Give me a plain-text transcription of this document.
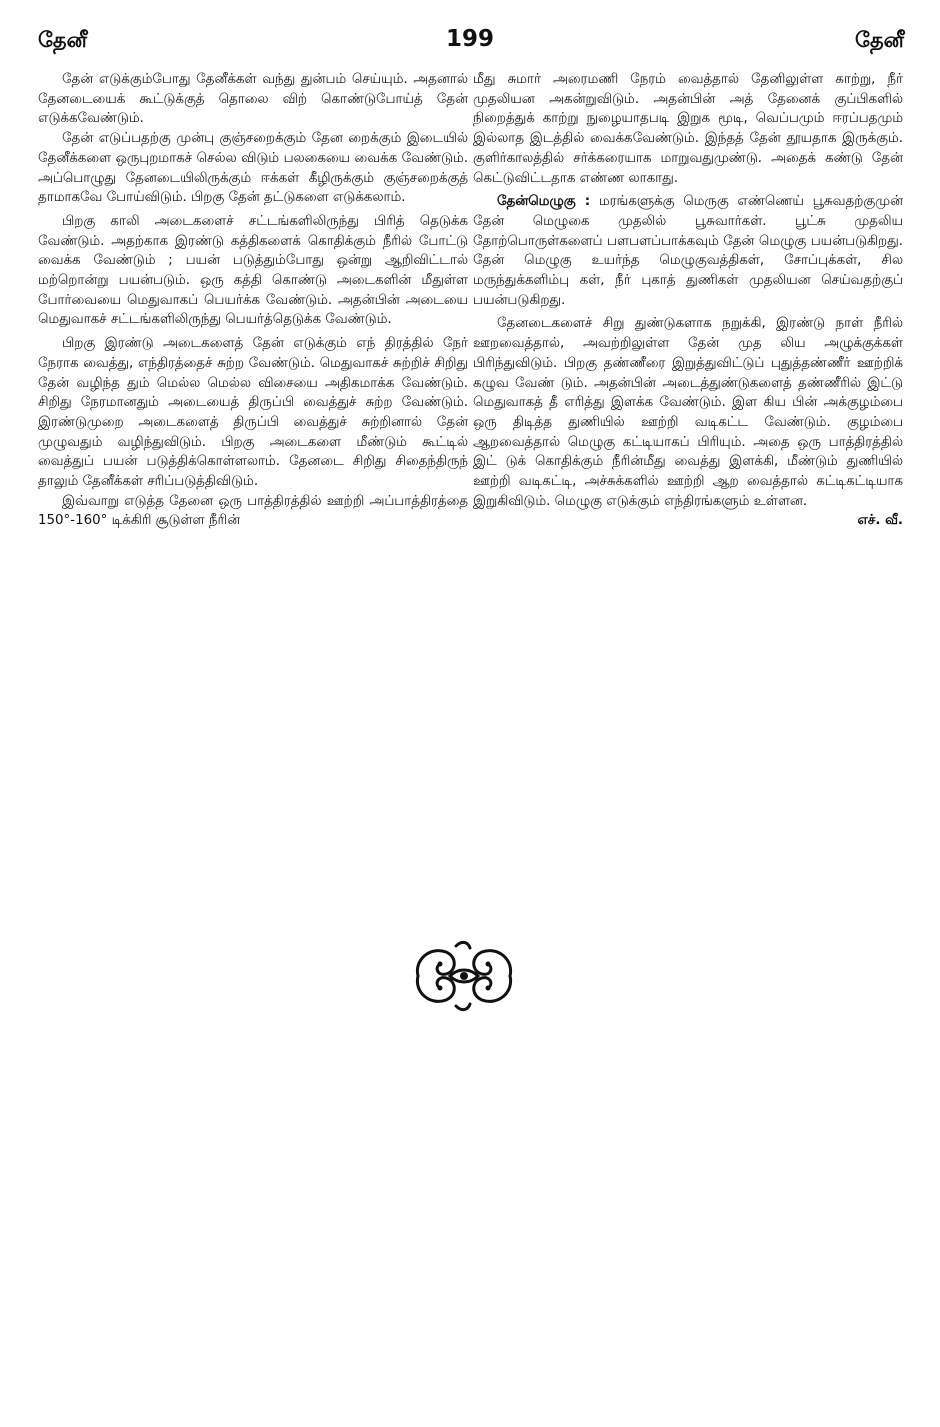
தேனீ	199	தேனீ

தேன் எடுக்கும்போது தேனீக்கள் வந்து துன்பம் செய்யும். அதனால் தேனடையைக் கூட்டுக்குத் தொலை விற் கொண்டுபோய்த் தேன் எடுக்கவேண்டும்.

தேன் எடுப்பதற்கு முன்பு குஞ்சறைக்கும் தேன றைக்கும் இடையில் தேனீக்களை ஒருபுறமாகச் செல்ல விடும் பலகையை வைக்க வேண்டும். அப்பொழுது தேனடையிலிருக்கும் ஈக்கள் கீழிருக்கும் குஞ்சறைக்குத் தாமாகவே போய்விடும். பிறகு தேன் தட்டுகளை எடுக்கலாம்.

பிறகு காலி அடைகளைச் சட்டங்களிலிருந்து பிரித் தெடுக்க வேண்டும். அதற்காக இரண்டு கத்திகளைக் கொதிக்கும் நீரில் போட்டு வைக்க வேண்டும் ; பயன் படுத்தும்போது ஒன்று ஆறிவிட்டால் மற்றொன்று பயன்படும். ஒரு கத்தி கொண்டு அடைகளின் மீதுள்ள போர்வையை மெதுவாகப் பெயர்க்க வேண்டும். அதன்பின் அடையை மெதுவாகச் சட்டங்களிலிருந்து பெயர்த்தெடுக்க வேண்டும்.

பிறகு இரண்டு அடைகளைத் தேன் எடுக்கும் எந் திரத்தில் நேர் நேராக வைத்து, எந்திரத்தைச் சுற்ற வேண்டும். மெதுவாகச் சுற்றிச் சிறிது தேன் வழிந்த தும் மெல்ல மெல்ல விசையை அதிகமாக்க வேண்டும். சிறிது நேரமானதும் அடையைத் திருப்பி வைத்துச் சுற்ற வேண்டும். இரண்டுமுறை அடைகளைத் திருப்பி வைத்துச் சுற்றினால் தேன் முழுவதும் வழிந்துவிடும். பிறகு அடைகளை மீண்டும் கூட்டில் வைத்துப் பயன் படுத்திக்கொள்ளலாம். தேனடை சிறிது சிதைந்திருந் தாலும் தேனீக்கள் சரிப்படுத்திவிடும்.

இவ்வாறு எடுத்த தேனை ஒரு பாத்திரத்தில் ஊற்றி அப்பாத்திரத்தை 150°-160° டிக்கிரி சூடுள்ள நீரின்

மீது சுமார் அரைமணி நேரம் வைத்தால் தேனிலுள்ள காற்று, நீர் முதலியன அகன்றுவிடும். அதன்பின் அத் தேனைக் குப்பிகளில் நிறைத்துக் காற்று நுழையாதபடி இறுக மூடி, வெப்பமும் ஈரப்பதமும் இல்லாத இடத்தில் வைக்கவேண்டும். இந்தத் தேன் தூயதாக இருக்கும். குளிர்காலத்தில் சர்க்கரையாக மாறுவதுமுண்டு. அதைக் கண்டு தேன் கெட்டுவிட்டதாக எண்ண லாகாது.

தேன்மெழுகு : மரங்களுக்கு மெருகு எண்ணெய் பூசுவதற்குமுன் தேன் மெழுகை முதலில் பூசுவார்கள். பூட்சு முதலிய தோற்பொருள்களைப் பளபளப்பாக்கவும் தேன் மெழுகு பயன்படுகிறது. தேன் மெழுகு உயர்ந்த மெழுகுவத்திகள், சோப்புக்கள், சில மருந்துக்களிம்பு கள், நீர் புகாத் துணிகள் முதலியன செய்வதற்குப் பயன்படுகிறது.

தேனடைகளைச் சிறு துண்டுகளாக நறுக்கி, இரண்டு நாள் நீரில் ஊறவைத்தால், அவற்றிலுள்ள தேன் முத லிய அழுக்குக்கள் பிரிந்துவிடும். பிறகு தண்ணீரை இறுத்துவிட்டுப் புதுத்தண்ணீர் ஊற்றிக் கழுவ வேண் டும். அதன்பின் அடைத்துண்டுகளைத் தண்ணீரில் இட்டு மெதுவாகத் தீ எரித்து இளக்க வேண்டும். இள கிய பின் அக்குழம்பை ஒரு திடித்த துணியில் ஊற்றி வடிகட்ட வேண்டும். குழம்பை ஆறவைத்தால் மெழுகு கட்டியாகப் பிரியும். அதை ஒரு பாத்திரத்தில் இட் டுக் கொதிக்கும் நீரின்மீது வைத்து இளக்கி, மீண்டும் துணியில் ஊற்றி வடிகட்டி, அச்சுக்களில் ஊற்றி ஆற வைத்தால் கட்டிகட்டியாக இறுகிவிடும். மெழுகு எடுக்கும் எந்திரங்களும் உள்ளன.

எச். வீ.
